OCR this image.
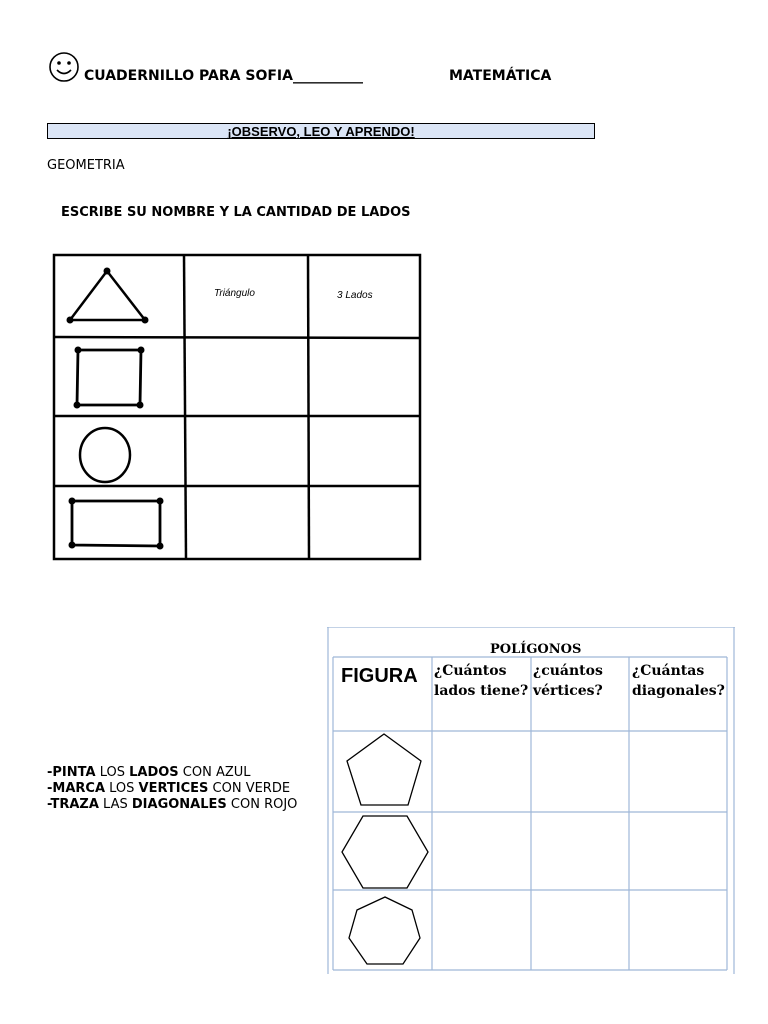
CUADERNILLO PARA SOFIA__________	MATEMÁTICA
¡OBSERVO, LEO Y APRENDO!
GEOMETRIA
ESCRIBE SU NOMBRE Y LA CANTIDAD DE LADOS
Triángulo	3 Lados
-PINTA LOS LADOS CON AZUL
-MARCA LOS VERTICES CON VERDE
-TRAZA LAS DIAGONALES CON ROJO
POLÍGONOS
FIGURA ¿Cuántos
lados tiene?
¿cuántos
vértices?
¿Cuántas
diagonales?
